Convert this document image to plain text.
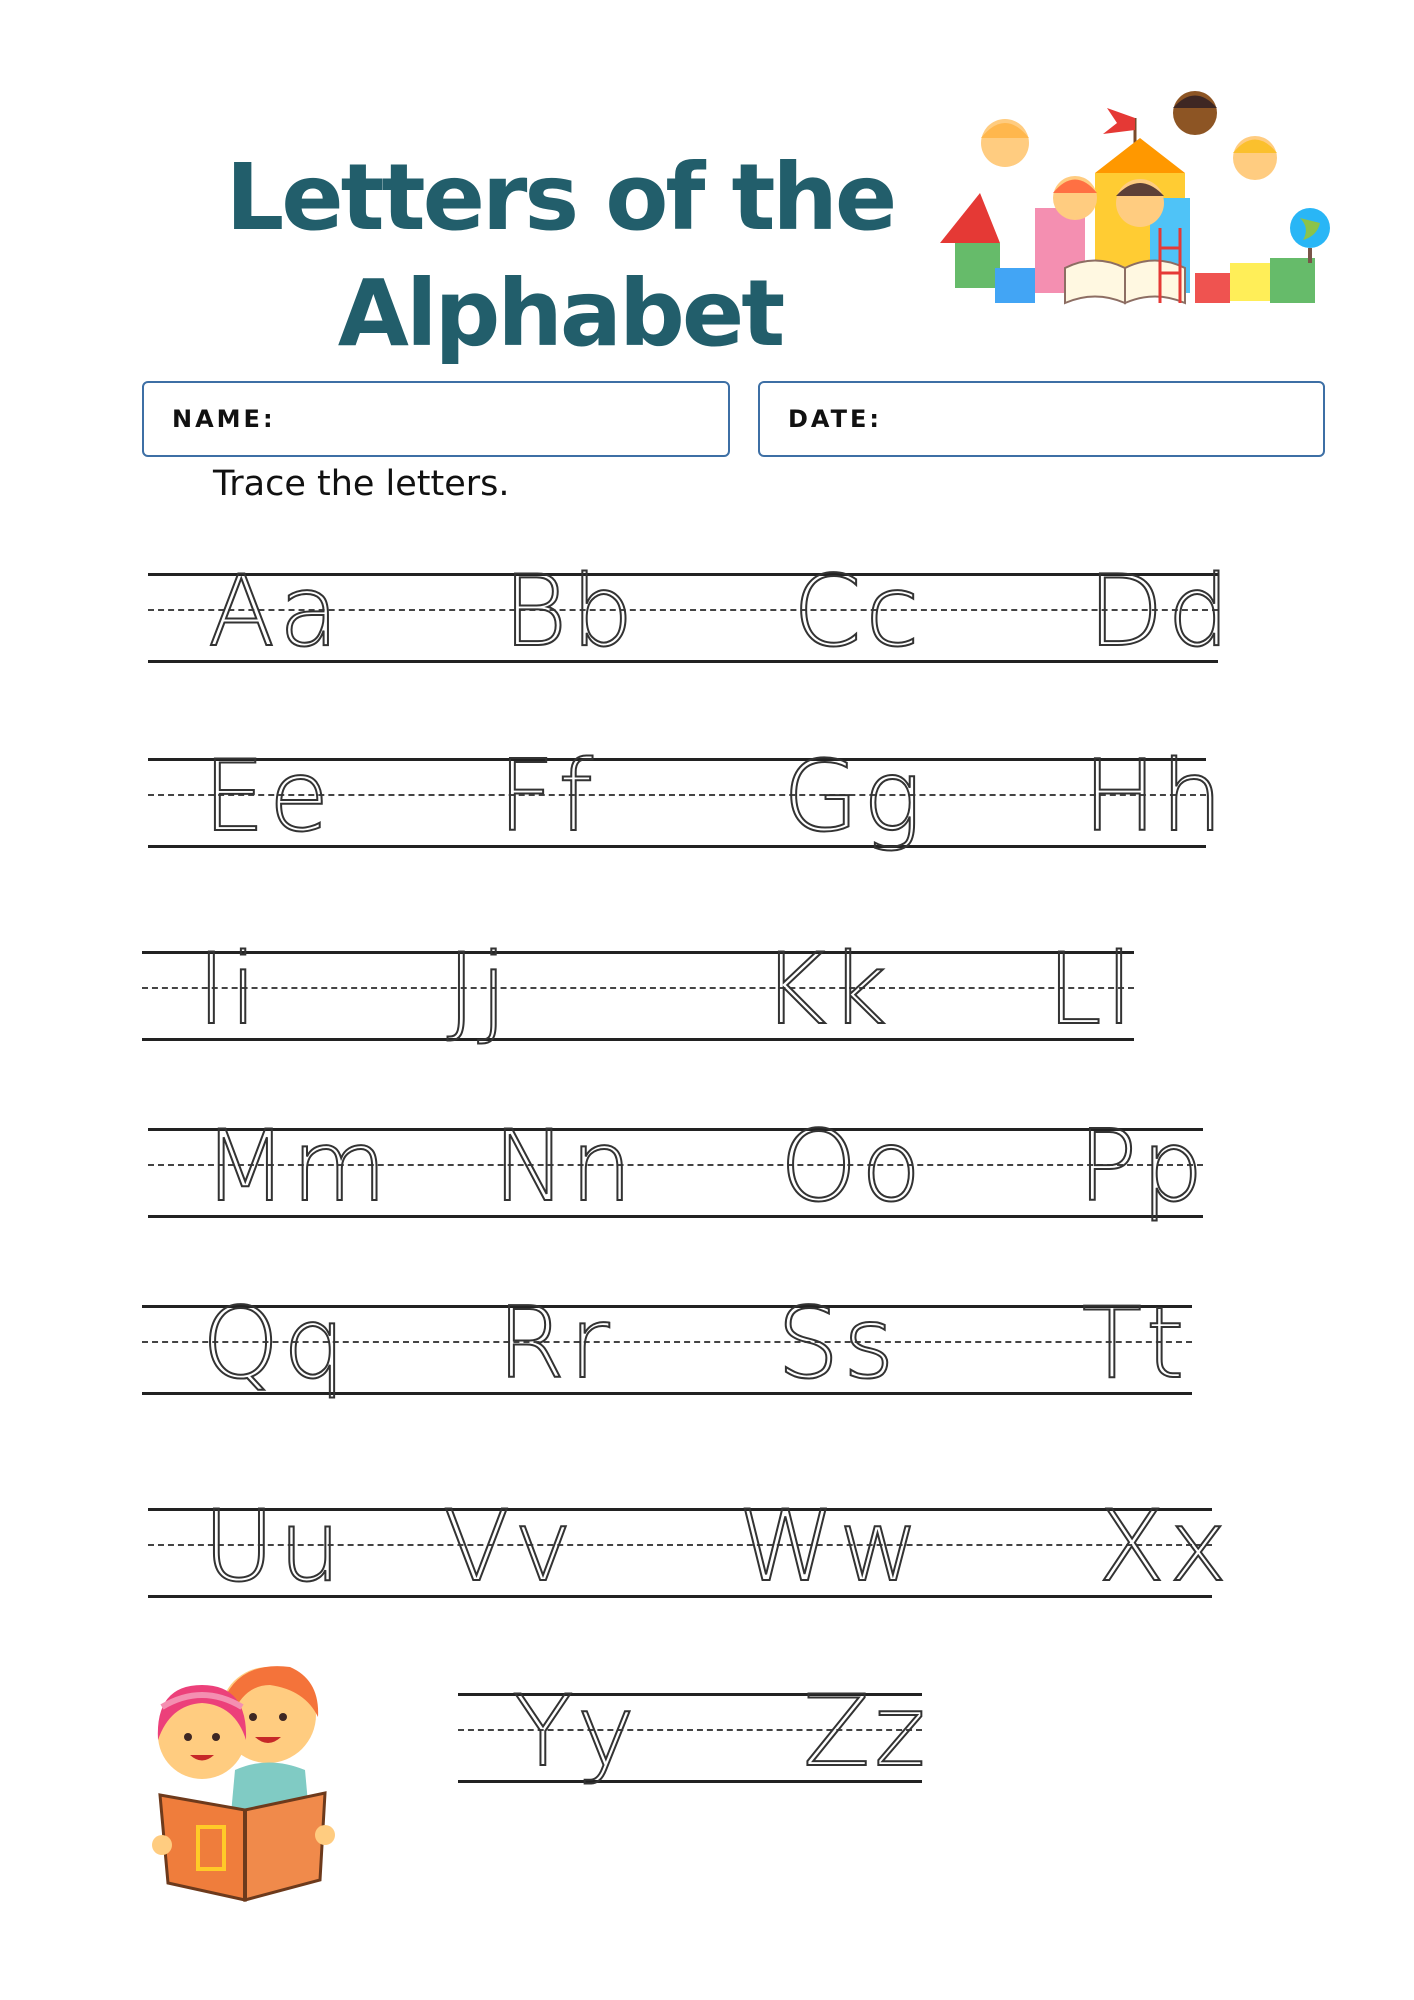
Letters of the
Alphabet
NAME:	DATE:
Trace the letters.
Aa Bb Cc Dd
Ee Ff Gg Hh
Ii Jj	Kk Ll
Mm Nn Oo Pp
Qq Rr Ss Tt
Uu Vv Ww Xx
Yy Zz
